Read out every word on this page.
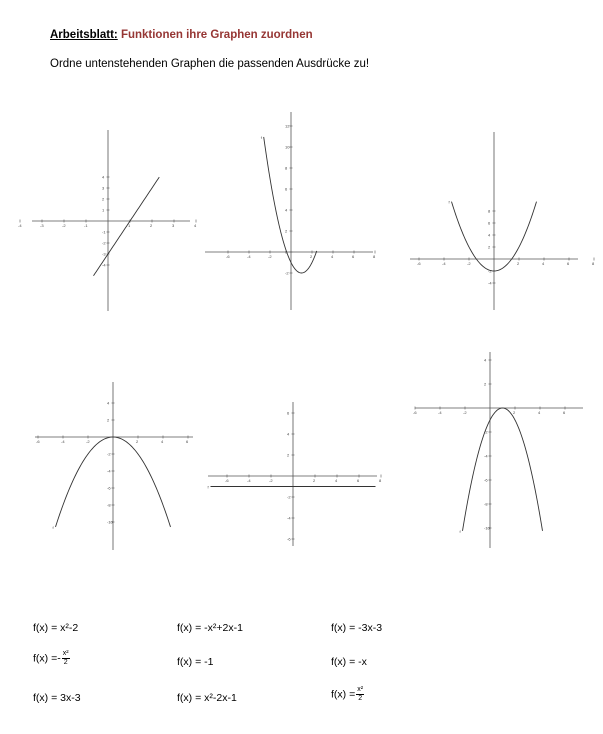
Arbeitsblatt: Funktionen ihre Graphen zuordnen
Ordne untenstehenden Graphen die passenden Ausdrücke zu!
-4	-3	-2	-1	1	2	3	4
-4
-3
-2
-1
1
2
3
4
-6	-4	-2	2	4	6	8
-2
0
2
4
6
8
10
12
f
-6	-4	-2	2	4	6	8
-4
-2
2
4
6
8
f
-6	-4	-2	2	4	6
-10
-8
-6
-4
-2
2
4
f
-6	-4	-2	2	4	6	8
-6
-4
-2
2
4
6
f
-6	-4	-2	2	4	6
-10
-8
-6
-4
-2
2
4
f
f(x) = x²-2	f(x) = -x²+2x-1	f(x) = -3x-3
$f(x) =- \frac{\text{x²}}{2}$	f(x) = -1	f(x) = -x
f(x) = 3x-3	f(x) = x²-2x-1	$f(x) = \frac{\text{x²}}{2}$
